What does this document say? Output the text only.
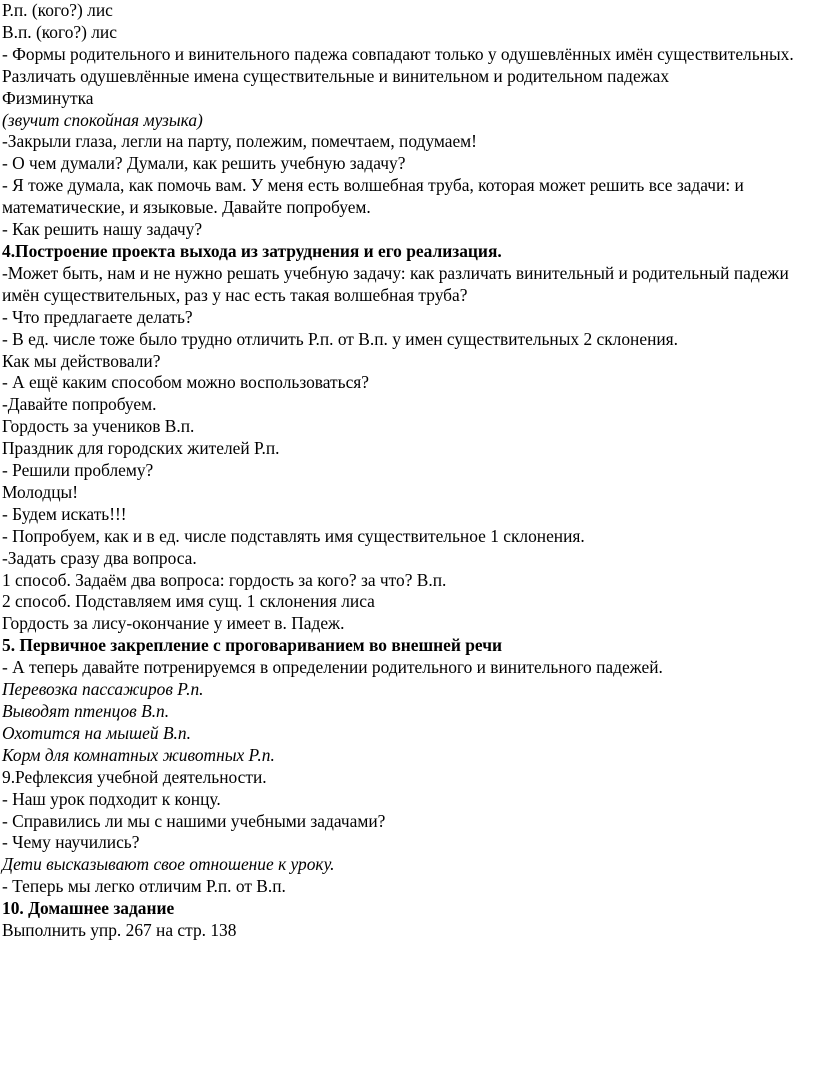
Р.п. (кого?) лис

В.п. (кого?) лис

- Формы родительного и винительного падежа совпадают только у одушевлённых имён существительных. Различать одушевлённые имена существительные и винительном и родительном падежах

Физминутка

(звучит спокойная музыка)

-Закрыли глаза, легли на парту, полежим, помечтаем, подумаем!

- О чем думали? Думали, как решить учебную задачу?

- Я тоже думала, как помочь вам. У меня есть волшебная труба, которая может решить все задачи: и математические, и языковые. Давайте попробуем.

- Как решить нашу задачу?

4.Построение проекта выхода из затруднения и его реализация.

-Может быть, нам и не нужно решать учебную задачу: как различать винительный и родительный падежи имён существительных, раз у нас есть такая волшебная труба?

- Что предлагаете делать?

- В ед. числе тоже было трудно отличить Р.п. от В.п. у имен существительных 2 склонения.

Как мы действовали?

- А ещё каким способом можно воспользоваться?

-Давайте попробуем.

Гордость за учеников В.п.

Праздник для городских жителей Р.п.

- Решили проблему?

Молодцы!

- Будем искать!!!

- Попробуем, как и в ед. числе подставлять имя существительное 1 склонения.

-Задать сразу два вопроса.

1 способ. Задаём два вопроса: гордость за кого? за что? В.п.

2 способ. Подставляем имя сущ. 1 склонения лиса

Гордость за лису-окончание у имеет в. Падеж.

5. Первичное закрепление с проговариванием во внешней речи

- А теперь давайте потренируемся в определении родительного и винительного падежей.

Перевозка пассажиров Р.п.

Выводят птенцов В.п.

Охотится на мышей В.п.

Корм для комнатных животных Р.п.

9.Рефлексия учебной деятельности.

- Наш урок подходит к концу.

- Справились ли мы с нашими учебными задачами?

- Чему научились?

Дети высказывают свое отношение к уроку.

- Теперь мы легко отличим Р.п. от В.п.

10. Домашнее задание

Выполнить упр. 267 на стр. 138
